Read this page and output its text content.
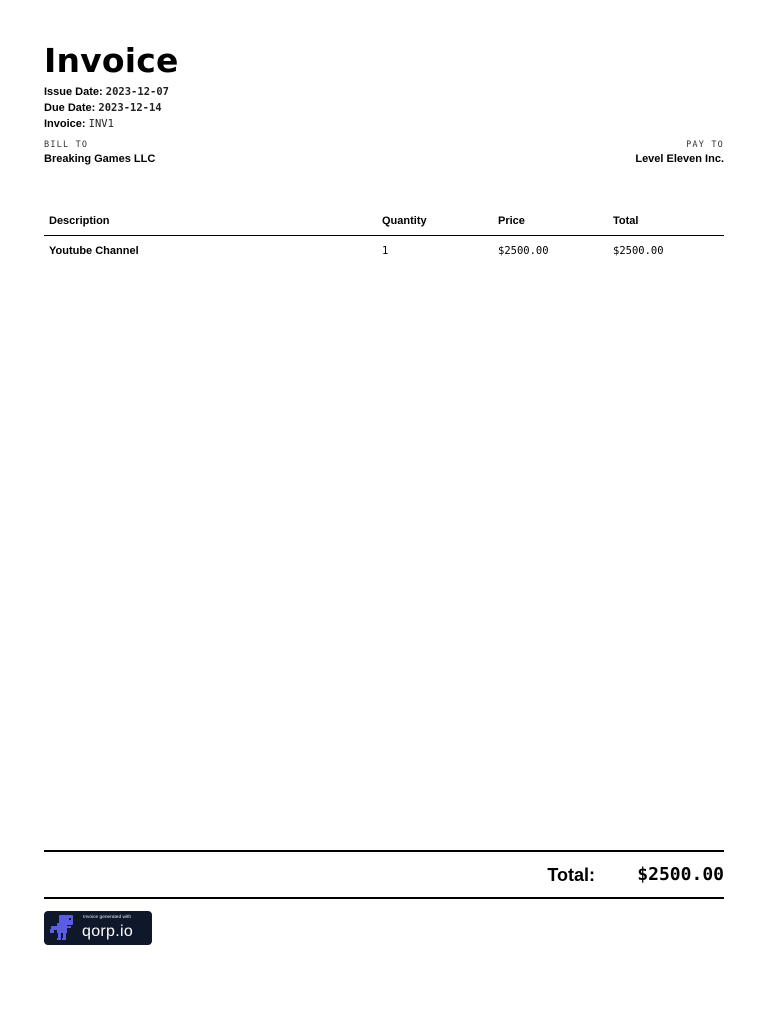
Invoice
Issue Date: 2023-12-07
Due Date: 2023-12-14
Invoice: INV1
BILL TO
Breaking Games LLC
PAY TO
Level Eleven Inc.
Description	Quantity	Price	Total
Youtube Channel	1	$2500.00	$2500.00
Total: $2500.00
Invoice generated with
qorp.io
